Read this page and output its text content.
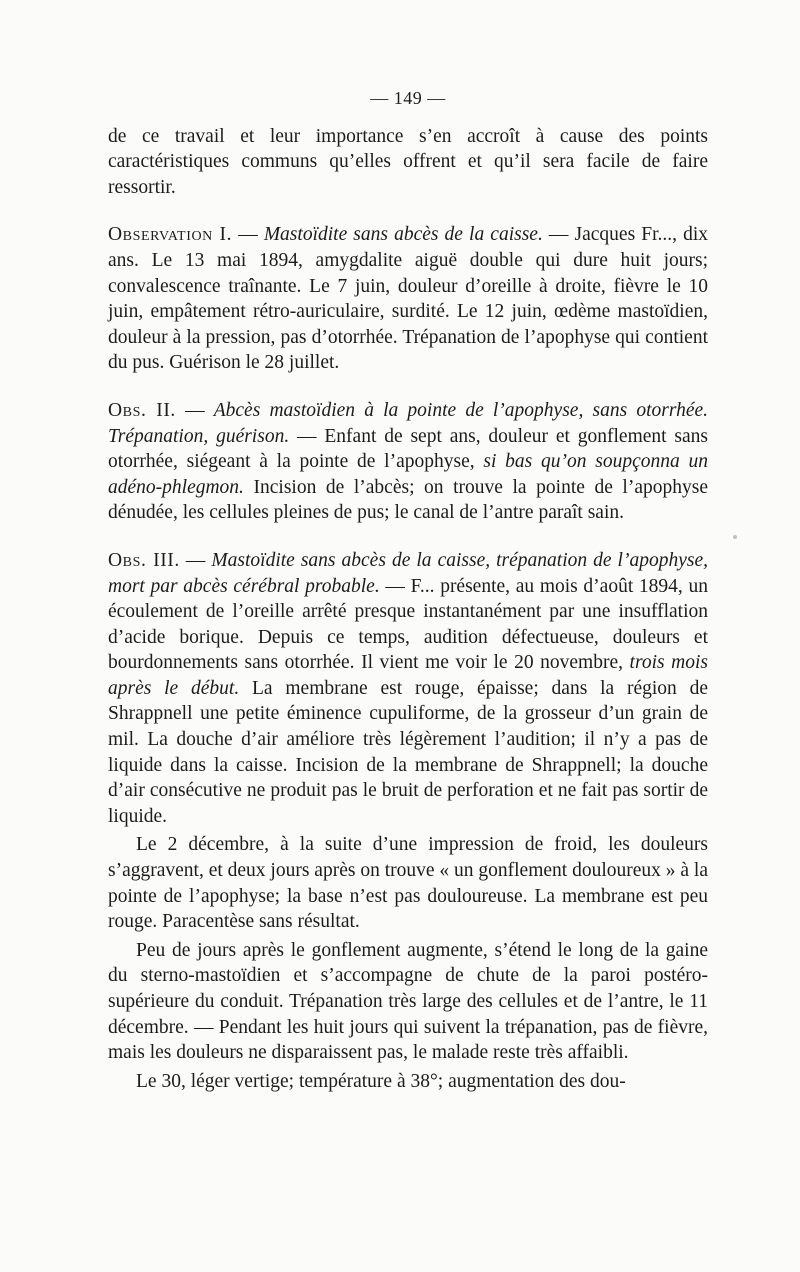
— 149 —

de ce travail et leur importance s’en accroît à cause des points caractéristiques communs qu’elles offrent et qu’il sera facile de faire ressortir.

Observation I. — Mastoïdite sans abcès de la caisse. — Jacques Fr..., dix ans. Le 13 mai 1894, amygdalite aiguë double qui dure huit jours; convalescence traînante. Le 7 juin, douleur d’oreille à droite, fièvre le 10 juin, empâtement rétro-auriculaire, surdité. Le 12 juin, œdème mastoïdien, douleur à la pression, pas d’otorrhée. Trépanation de l’apophyse qui contient du pus. Guérison le 28 juillet.

Obs. II. — Abcès mastoïdien à la pointe de l’apophyse, sans otorrhée. Trépanation, guérison. — Enfant de sept ans, douleur et gonflement sans otorrhée, siégeant à la pointe de l’apophyse, si bas qu’on soupçonna un adéno-phlegmon. Incision de l’abcès; on trouve la pointe de l’apophyse dénudée, les cellules pleines de pus; le canal de l’antre paraît sain.

Obs. III. — Mastoïdite sans abcès de la caisse, trépanation de l’apophyse, mort par abcès cérébral probable. — F... présente, au mois d’août 1894, un écoulement de l’oreille arrêté presque instantanément par une insufflation d’acide borique. Depuis ce temps, audition défectueuse, douleurs et bourdonnements sans otorrhée. Il vient me voir le 20 novembre, trois mois après le début. La membrane est rouge, épaisse; dans la région de Shrappnell une petite éminence cupuliforme, de la grosseur d’un grain de mil. La douche d’air améliore très légèrement l’audition; il n’y a pas de liquide dans la caisse. Incision de la membrane de Shrappnell; la douche d’air consécutive ne produit pas le bruit de perforation et ne fait pas sortir de liquide.

Le 2 décembre, à la suite d’une impression de froid, les douleurs s’aggravent, et deux jours après on trouve « un gonflement douloureux » à la pointe de l’apophyse; la base n’est pas douloureuse. La membrane est peu rouge. Paracentèse sans résultat.

Peu de jours après le gonflement augmente, s’étend le long de la gaine du sterno-mastoïdien et s’accompagne de chute de la paroi postéro-supérieure du conduit. Trépanation très large des cellules et de l’antre, le 11 décembre. — Pendant les huit jours qui suivent la trépanation, pas de fièvre, mais les douleurs ne disparaissent pas, le malade reste très affaibli.

Le 30, léger vertige; température à 38°; augmentation des dou-
